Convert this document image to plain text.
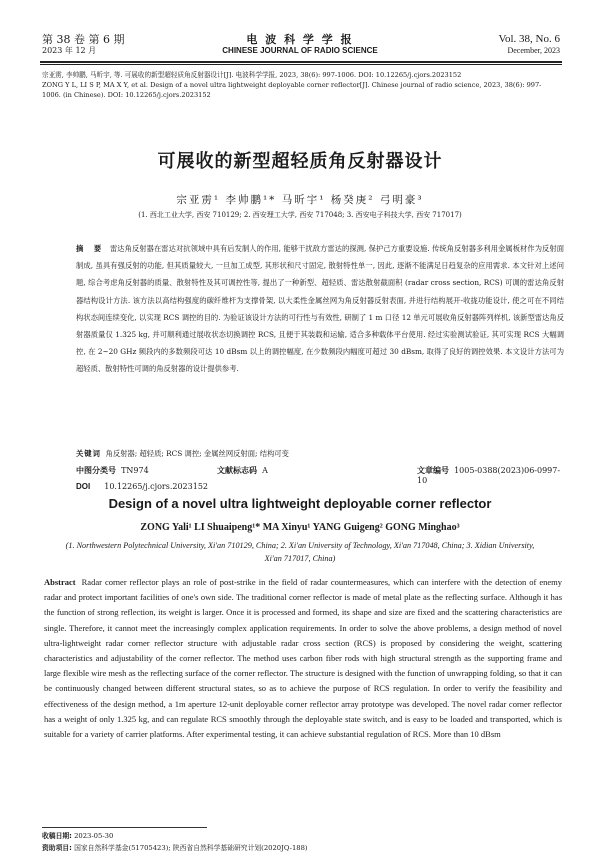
第 38 卷 第 6 期
2023 年 12 月
电 波 科 学 学 报
CHINESE JOURNAL OF RADIO SCIENCE
Vol. 38, No. 6
December, 2023
宗亚雳, 李帅鹏, 马昕宇, 等. 可展收的新型超轻质角反射器设计[J]. 电波科学学报, 2023, 38(6): 997-1006. DOI: 10.12265/j.cjors.2023152
ZONG Y L, LI S P, MA X Y, et al. Design of a novel ultra lightweight deployable corner reflector[J]. Chinese journal of radio science, 2023, 38(6): 997-1006. (in Chinese). DOI: 10.12265/j.cjors.2023152
可展收的新型超轻质角反射器设计
宗亚雳¹ 李帅鹏¹* 马昕宇¹ 杨癸庚² 弓明豪³
(1. 西北工业大学, 西安 710129; 2. 西安理工大学, 西安 717048; 3. 西安电子科技大学, 西安 717017)
摘 要 雷达角反射器在雷达对抗领域中具有后发制人的作用, 能够干扰敌方雷达的探测, 保护己方重要设施. 传统角反射器多利用金属板材作为反射面制成, 虽具有强反射的功能, 但其质量较大, 一旦加工成型, 其形状和尺寸固定, 散射特性单一, 因此, 逐渐不能满足日趋复杂的应用需求. 本文针对上述问题, 综合考虑角反射器的质量、散射特性及其可调控性等, 提出了一种新型、超轻质、雷达散射截面积 (radar cross section, RCS) 可调的雷达角反射器结构设计方法. 该方法以高结构强度的碳纤维杆为支撑骨架, 以大柔性金属丝网为角反射器反射表面, 并进行结构展开-收拢功能设计, 使之可在不同结构状态间连续变化, 以实现 RCS 调控的目的. 为验证该设计方法的可行性与有效性, 研制了 1 m 口径 12 单元可展收角反射器阵列样机, 该新型雷达角反射器质量仅 1.325 kg, 并可顺利通过展收状态切换调控 RCS, 且便于其装载和运输, 适合多种载体平台使用. 经过实验测试验证, 其可实现 RCS 大幅调控, 在 2~20 GHz 频段内的多数频段可达 10 dBsm 以上的调控幅度, 在少数频段内幅度可超过 30 dBsm, 取得了良好的调控效果. 本文设计方法可为超轻质、散射特性可调的角反射器的设计提供参考.
关键词 角反射器; 超轻质; RCS 调控; 金属丝网反射面; 结构可变
中图分类号 TN974	文献标志码 A	文章编号 1005-0388(2023)06-0997-10
DOI 10.12265/j.cjors.2023152
Design of a novel ultra lightweight deployable corner reflector
ZONG Yali¹ LI Shuaipeng¹* MA Xinyu¹ YANG Guigeng² GONG Minghao³
(1. Northwestern Polytechnical University, Xi'an 710129, China; 2. Xi'an University of Technology, Xi'an 717048, China; 3. Xidian University, Xi'an 717017, China)
Abstract Radar corner reflector plays an role of post-strike in the field of radar countermeasures, which can interfere with the detection of enemy radar and protect important facilities of one's own side. The traditional corner reflector is made of metal plate as the reflecting surface. Although it has the function of strong reflection, its weight is larger. Once it is processed and formed, its shape and size are fixed and the scattering characteristics are single. Therefore, it cannot meet the increasingly complex application requirements. In order to solve the above problems, a design method of novel ultra-lightweight radar corner reflector structure with adjustable radar cross section (RCS) is proposed by considering the weight, scattering characteristics and adjustability of the corner reflector. The method uses carbon fiber rods with high structural strength as the supporting frame and large flexible wire mesh as the reflecting surface of the corner reflector. The structure is designed with the function of unwrapping folding, so that it can be continuously changed between different structural states, so as to achieve the purpose of RCS regulation. In order to verify the feasibility and effectiveness of the design method, a 1m aperture 12-unit deployable corner reflector array prototype was developed. The novel radar corner reflector has a weight of only 1.325 kg, and can regulate RCS smoothly through the deployable state switch, and is easy to be loaded and transported, which is suitable for a variety of carrier platforms. After experimental testing, it can achieve substantial regulation of RCS. More than 10 dBsm
收稿日期: 2023-05-30
资助项目: 国家自然科学基金(51705423); 陕西省自然科学基础研究计划(2020JQ-188)
